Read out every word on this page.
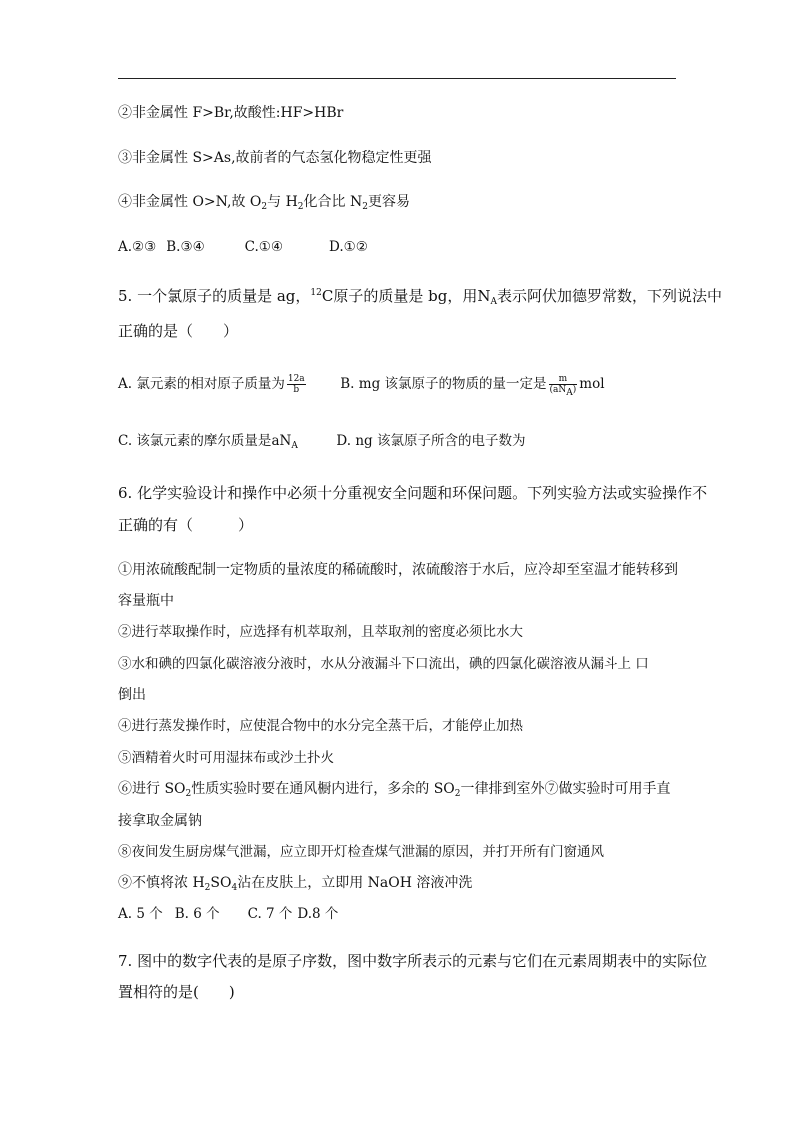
②非金属性 F>Br,故酸性:HF>HBr
③非金属性 S>As,故前者的气态氢化物稳定性更强
④非金属性 O>N,故 $O_2$与 $H_2$化合比 $N_2$更容易
A.②③ B.③④	C.①④	D.①②
5. 一个氯原子的质量是 ag，$^{12}$C原子的质量是 bg，用$N_A$表示阿伏加德罗常数，下列说法中
正确的是（　　）
A. 氯元素的相对原子质量为 $\frac{12a}{b}$	B. mg 该氯原子的物质的量一定是 $\frac{m}{(aN_A)}$ mol
C. 该氯元素的摩尔质量是$aN_A$	D. ng 该氯原子所含的电子数为
6. 化学实验设计和操作中必须十分重视安全问题和环保问题。下列实验方法或实验操作不
正确的有（　　　）
①用浓硫酸配制一定物质的量浓度的稀硫酸时，浓硫酸溶于水后，应冷却至室温才能转移到
容量瓶中
②进行萃取操作时，应选择有机萃取剂，且萃取剂的密度必须比水大
③水和碘的四氯化碳溶液分液时，水从分液漏斗下口流出，碘的四氯化碳溶液从漏斗上 口
倒出
④进行蒸发操作时，应使混合物中的水分完全蒸干后，才能停止加热
⑤酒精着火时可用湿抹布或沙土扑火
⑥进行 $SO_2$性质实验时要在通风橱内进行，多余的 $SO_2$一律排到室外⑦做实验时可用手直
接拿取金属钠
⑧夜间发生厨房煤气泄漏，应立即开灯检查煤气泄漏的原因，并打开所有门窗通风
⑨不慎将浓 $H_2SO_4$沾在皮肤上，立即用 NaOH 溶液冲洗
A. 5 个 B. 6 个 C. 7 个 D.8 个
7. 图中的数字代表的是原子序数，图中数字所表示的元素与它们在元素周期表中的实际位
置相符的是(　　)
